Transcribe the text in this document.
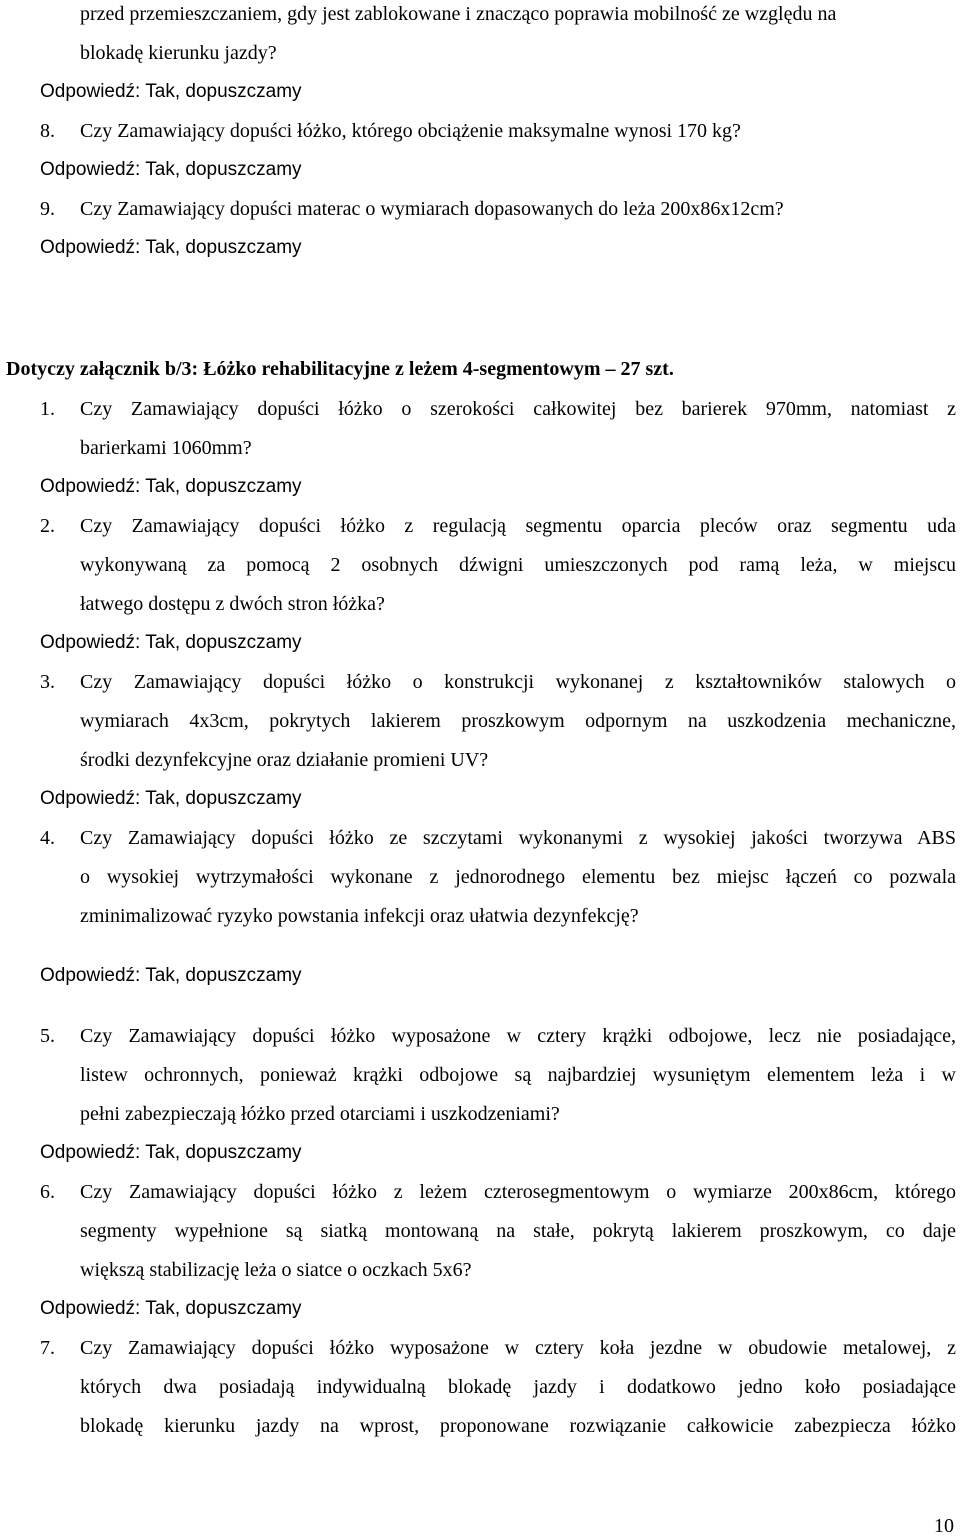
przed przemieszczaniem, gdy jest zablokowane i znacząco poprawia mobilność ze względu na
blokadę kierunku jazdy?
Odpowiedź: Tak, dopuszczamy
8. Czy Zamawiający dopuści łóżko, którego obciążenie maksymalne wynosi 170 kg?
Odpowiedź: Tak, dopuszczamy
9. Czy Zamawiający dopuści materac o wymiarach dopasowanych do leża 200x86x12cm?
Odpowiedź: Tak, dopuszczamy
Dotyczy załącznik b/3: Łóżko rehabilitacyjne z leżem 4-segmentowym – 27 szt.
1. Czy Zamawiający dopuści łóżko o szerokości całkowitej bez barierek 970mm, natomiast z
barierkami 1060mm?
Odpowiedź: Tak, dopuszczamy
2. Czy Zamawiający dopuści łóżko z regulacją segmentu oparcia pleców oraz segmentu uda
wykonywaną za pomocą 2 osobnych dźwigni umieszczonych pod ramą leża, w miejscu
łatwego dostępu z dwóch stron łóżka?
Odpowiedź: Tak, dopuszczamy
3. Czy Zamawiający dopuści łóżko o konstrukcji wykonanej z kształtowników stalowych o
wymiarach 4x3cm, pokrytych lakierem proszkowym odpornym na uszkodzenia mechaniczne,
środki dezynfekcyjne oraz działanie promieni UV?
Odpowiedź: Tak, dopuszczamy
4. Czy Zamawiający dopuści łóżko ze szczytami wykonanymi z wysokiej jakości tworzywa ABS
o wysokiej wytrzymałości wykonane z jednorodnego elementu bez miejsc łączeń co pozwala
zminimalizować ryzyko powstania infekcji oraz ułatwia dezynfekcję?
Odpowiedź: Tak, dopuszczamy
5. Czy Zamawiający dopuści łóżko wyposażone w cztery krążki odbojowe, lecz nie posiadające,
listew ochronnych, ponieważ krążki odbojowe są najbardziej wysuniętym elementem leża i w
pełni zabezpieczają łóżko przed otarciami i uszkodzeniami?
Odpowiedź: Tak, dopuszczamy
6. Czy Zamawiający dopuści łóżko z leżem czterosegmentowym o wymiarze 200x86cm, którego
segmenty wypełnione są siatką montowaną na stałe, pokrytą lakierem proszkowym, co daje
większą stabilizację leża o siatce o oczkach 5x6?
Odpowiedź: Tak, dopuszczamy
7. Czy Zamawiający dopuści łóżko wyposażone w cztery koła jezdne w obudowie metalowej, z
których dwa posiadają indywidualną blokadę jazdy i dodatkowo jedno koło posiadające
blokadę kierunku jazdy na wprost, proponowane rozwiązanie całkowicie zabezpiecza łóżko
10
